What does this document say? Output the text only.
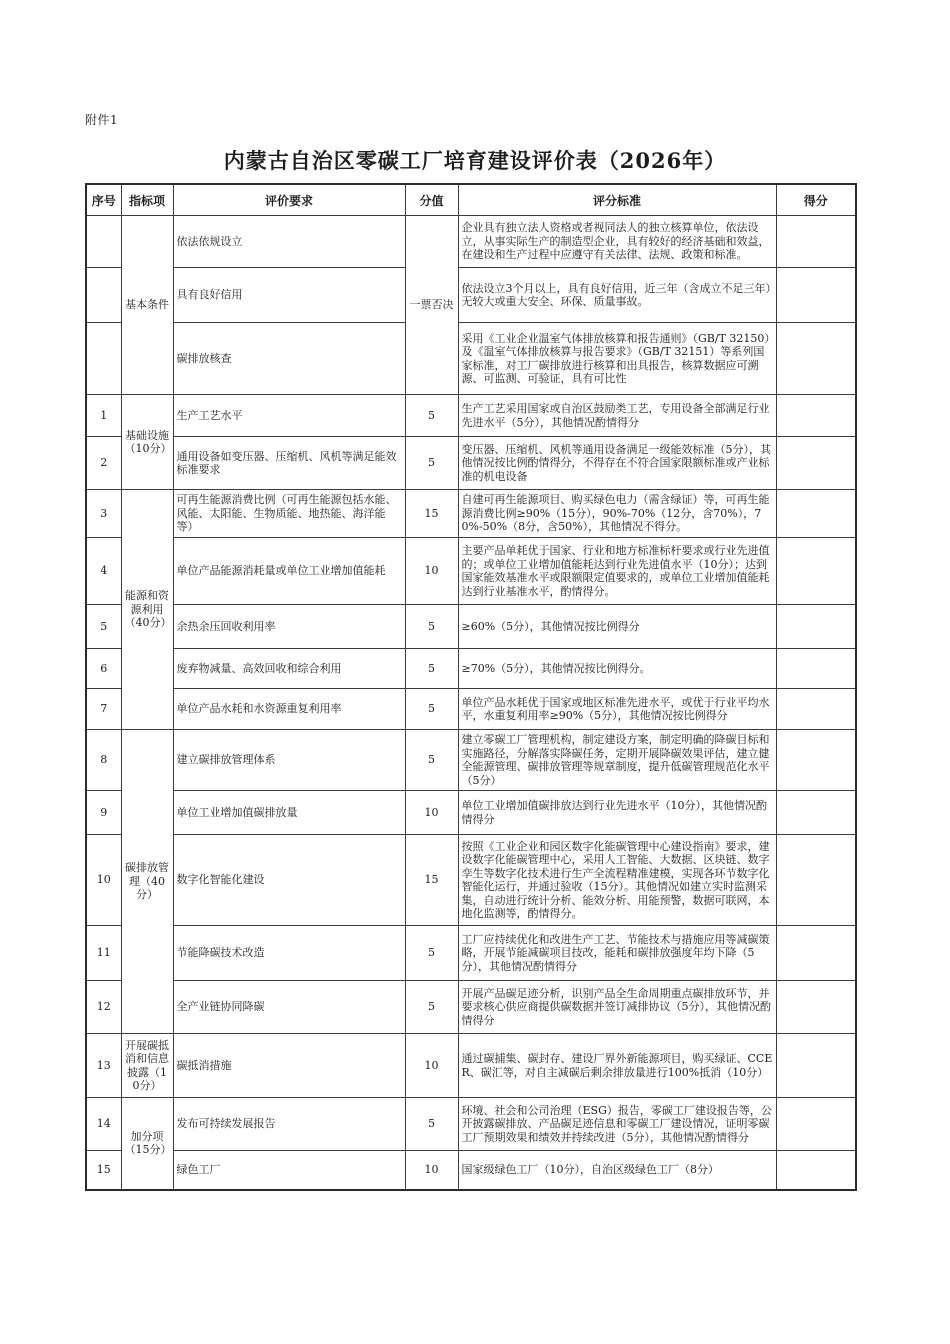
附件1
内蒙古自治区零碳工厂培育建设评价表（2026年）
序号	指标项	评价要求	分值	评分标准	得分
	基本条件	依法依规设立	一票否决	企业具有独立法人资格或者视同法人的独立核算单位，依法设立，从事实际生产的制造型企业，具有较好的经济基础和效益，在建设和生产过程中应遵守有关法律、法规、政策和标准。	
		具有良好信用		依法设立3个月以上，具有良好信用，近三年（含成立不足三年）无较大或重大安全、环保、质量事故。	
		碳排放核查		采用《工业企业温室气体排放核算和报告通则》（GB/T 32150）及《温室气体排放核算与报告要求》（GB/T 32151）等系列国家标准，对工厂碳排放进行核算和出具报告，核算数据应可溯源、可监测、可验证，具有可比性	
1	基础设施（10分）	生产工艺水平	5	生产工艺采用国家或自治区鼓励类工艺，专用设备全部满足行业先进水平（5分），其他情况酌情得分	
2		通用设备如变压器、压缩机、风机等满足能效标准要求	5	变压器、压缩机、风机等通用设备满足一级能效标准（5分），其他情况按比例酌情得分，不得存在不符合国家限额标准或产业标准的机电设备	
3	能源和资源利用（40分）	可再生能源消费比例（可再生能源包括水能、风能、太阳能、生物质能、地热能、海洋能等）	15	自建可再生能源项目、购买绿色电力（需含绿证）等，可再生能源消费比例≥90%（15分），90%-70%（12分，含70%），70%-50%（8分，含50%），其他情况不得分。	
4		单位产品能源消耗量或单位工业增加值能耗	10	主要产品单耗优于国家、行业和地方标准标杆要求或行业先进值的；或单位工业增加值能耗达到行业先进值水平（10分）；达到国家能效基准水平或限额限定值要求的，或单位工业增加值能耗达到行业基准水平，酌情得分。	
5		余热余压回收利用率	5	≥60%（5分），其他情况按比例得分	
6		废弃物减量、高效回收和综合利用	5	≥70%（5分），其他情况按比例得分。	
7		单位产品水耗和水资源重复利用率	5	单位产品水耗优于国家或地区标准先进水平，或优于行业平均水平，水重复利用率≥90%（5分），其他情况按比例得分	
8	碳排放管理（40分）	建立碳排放管理体系	5	建立零碳工厂管理机构，制定建设方案，制定明确的降碳目标和实施路径，分解落实降碳任务，定期开展降碳效果评估，建立健全能源管理、碳排放管理等规章制度，提升低碳管理规范化水平（5分）	
9		单位工业增加值碳排放量	10	单位工业增加值碳排放达到行业先进水平（10分），其他情况酌情得分	
10		数字化智能化建设	15	按照《工业企业和园区数字化能碳管理中心建设指南》要求，建设数字化能碳管理中心，采用人工智能、大数据、区块链、数字孪生等数字化技术进行生产全流程精准建模，实现各环节数字化智能化运行，并通过验收（15分）。其他情况如建立实时监测采集，自动进行统计分析、能效分析、用能预警，数据可联网，本地化监测等，酌情得分。	
11		节能降碳技术改造	5	工厂应持续优化和改进生产工艺、节能技术与措施应用等减碳策略，开展节能减碳项目技改，能耗和碳排放强度年均下降（5分），其他情况酌情得分	
12		全产业链协同降碳	5	开展产品碳足迹分析，识别产品全生命周期重点碳排放环节，并要求核心供应商提供碳数据并签订减排协议（5分），其他情况酌情得分	
13	开展碳抵消和信息披露（10分）	碳抵消措施	10	通过碳捕集、碳封存、建设厂界外新能源项目，购买绿证、CCER、碳汇等，对自主减碳后剩余排放量进行100%抵消（10分）	
14	加分项（15分）	发布可持续发展报告	5	环境、社会和公司治理（ESG）报告，零碳工厂建设报告等，公开披露碳排放、产品碳足迹信息和零碳工厂建设情况，证明零碳工厂预期效果和绩效并持续改进（5分），其他情况酌情得分	
15		绿色工厂	10	国家级绿色工厂（10分），自治区级绿色工厂（8分）	
